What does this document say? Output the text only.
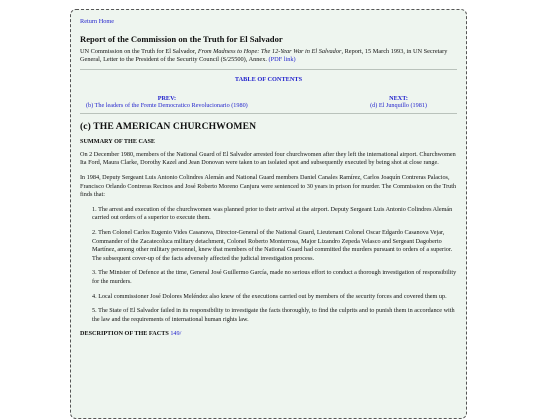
Return Home
Report of the Commission on the Truth for El Salvador
UN Commission on the Truth for El Salvador, From Madness to Hope: The 12-Year War in El Salvador, Report, 15 March 1993, in UN Secretary General, Letter to the President of the Security Council (S/25500), Annex. (PDF link)
TABLE OF CONTENTS
PREV:
(b) The leaders of the Frente Democratico Revolucionario (1980)
NEXT:
(d) El Junquillo (1981)
(c) THE AMERICAN CHURCHWOMEN
SUMMARY OF THE CASE

On 2 December 1980, members of the National Guard of El Salvador arrested four churchwomen after they left the international airport. Churchwomen Ita Ford, Maura Clarke, Dorothy Kazel and Jean Donovan were taken to an isolated spot and subsequently executed by being shot at close range.

In 1984, Deputy Sergeant Luis Antonio Colindres Alemán and National Guard members Daniel Canales Ramírez, Carlos Joaquín Contreras Palacios, Francisco Orlando Contreras Recinos and José Roberto Moreno Canjura were sentenced to 30 years in prison for murder. The Commission on the Truth finds that:

1. The arrest and execution of the churchwomen was planned prior to their arrival at the airport. Deputy Sergeant Luis Antonio Colindres Alemán carried out orders of a superior to execute them.

2. Then Colonel Carlos Eugenio Vides Casanova, Director-General of the National Guard, Lieutenant Colonel Oscar Edgardo Casanova Vejar, Commander of the Zacatecoluca military detachment, Colonel Roberto Monterrosa, Major Lizandro Zepeda Velasco and Sergeant Dagoberto Martínez, among other military personnel, knew that members of the National Guard had committed the murders pursuant to orders of a superior. The subsequent cover-up of the facts adversely affected the judicial investigation process.

3. The Minister of Defence at the time, General José Guillermo García, made no serious effort to conduct a thorough investigation of responsibility for the murders.

4. Local commissioner José Dolores Meléndez also knew of the executions carried out by members of the security forces and covered them up.

5. The State of El Salvador failed in its responsibility to investigate the facts thoroughly, to find the culprits and to punish them in accordance with the law and the requirements of international human rights law.

DESCRIPTION OF THE FACTS 149/
